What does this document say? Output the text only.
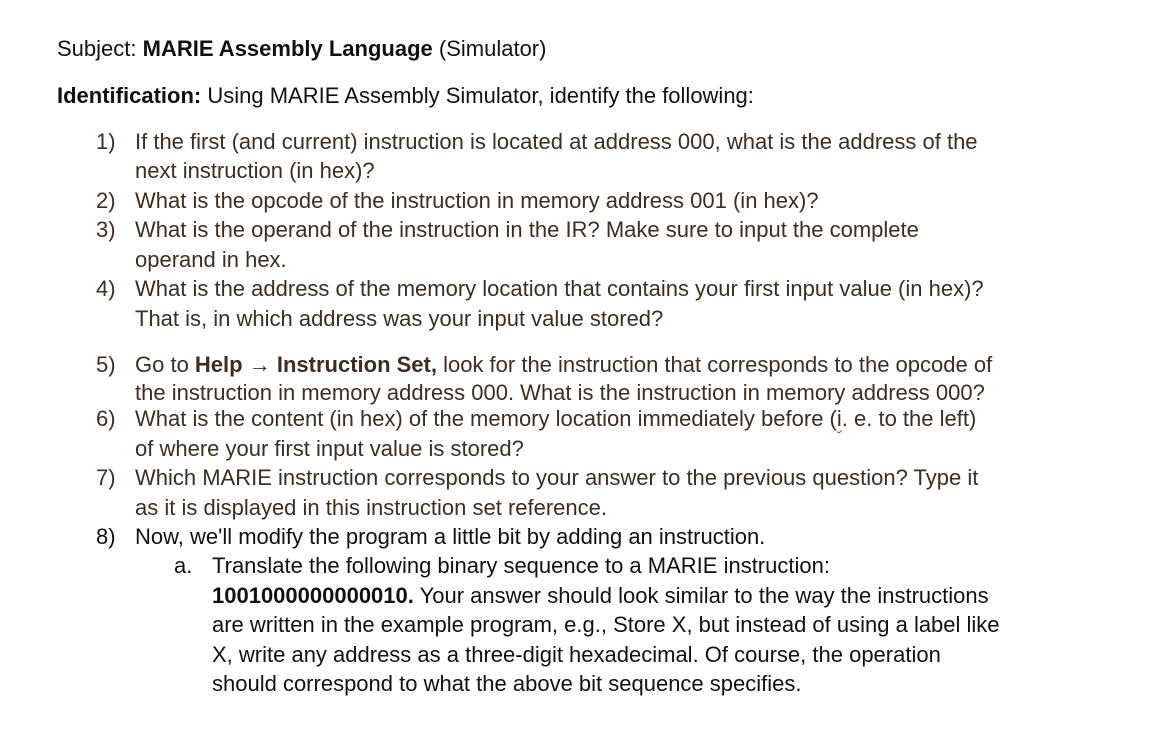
Subject: MARIE Assembly Language (Simulator)
Identification: Using MARIE Assembly Simulator, identify the following:
1) If the first (and current) instruction is located at address 000, what is the address of the
next instruction (in hex)?
2) What is the opcode of the instruction in memory address 001 (in hex)?
3) What is the operand of the instruction in the IR? Make sure to input the complete
operand in hex.
4) What is the address of the memory location that contains your first input value (in hex)?
That is, in which address was your input value stored?
5) Go to Help → Instruction Set, look for the instruction that corresponds to the opcode of
the instruction in memory address 000. What is the instruction in memory address 000?
6) What is the content (in hex) of the memory location immediately before (i. e. to the left)
of where your first input value is stored?
7) Which MARIE instruction corresponds to your answer to the previous question? Type it
as it is displayed in this instruction set reference.
8) Now, we'll modify the program a little bit by adding an instruction.
a. Translate the following binary sequence to a MARIE instruction:
1001000000000010. Your answer should look similar to the way the instructions
are written in the example program, e.g., Store X, but instead of using a label like
X, write any address as a three-digit hexadecimal. Of course, the operation
should correspond to what the above bit sequence specifies.
